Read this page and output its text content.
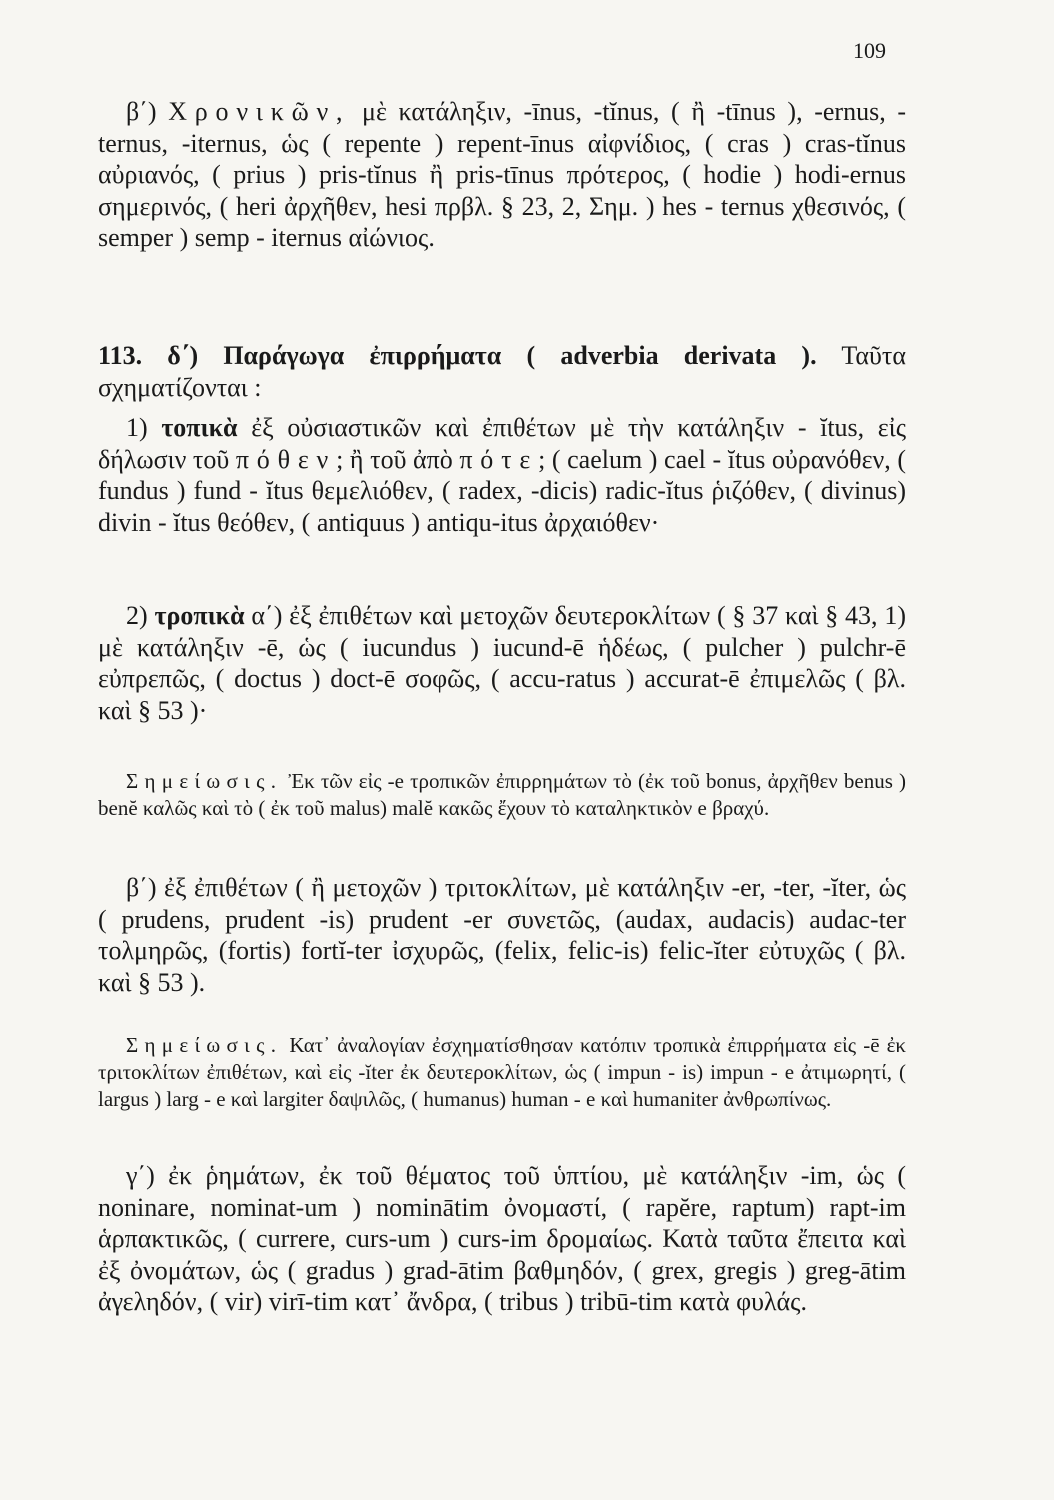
109

β΄) Χρονικῶν, μὲ κατάληξιν, -īnus, -tĭnus, ( ἢ -tīnus ), -ernus, -ternus, -iternus, ὡς ( repente ) repent-īnus αἰφνίδιος, ( cras ) cras-tĭnus αὐριανός, ( prius ) pris-tĭnus ἢ pris-tīnus πρότερος, ( hodie ) hodi-ernus σημερινός, ( heri ἀρχῆθεν, hesi πρβλ. § 23, 2, Σημ. ) hes - ternus χθεσινός, ( semper ) semp - iternus αἰώνιος.

113. δ΄) Παράγωγα ἐπιρρήματα ( adverbia derivata ). Ταῦτα σχηματίζονται :

1) τοπικὰ ἐξ οὐσιαστικῶν καὶ ἐπιθέτων μὲ τὴν κατάληξιν - ĭtus, εἰς δήλωσιν τοῦ πόθεν; ἢ τοῦ ἀπὸ πότε; ( caelum ) cael - ĭtus οὐρανόθεν, ( fundus ) fund - ĭtus θεμελιόθεν, ( radex, -dicis) radic-ĭtus ῥιζόθεν, ( divinus) divin - ĭtus θεόθεν, ( antiquus ) antiqu-itus ἀρχαιόθεν·

2) τροπικὰ α΄) ἐξ ἐπιθέτων καὶ μετοχῶν δευτεροκλίτων ( § 37 καὶ § 43, 1) μὲ κατάληξιν -ē, ὡς ( iucundus ) iucund-ē ἡδέως, ( pulcher ) pulchr-ē εὐπρεπῶς, ( doctus ) doct-ē σοφῶς, ( accu-ratus ) accurat-ē ἐπιμελῶς ( βλ. καὶ § 53 )·

Σημείωσις. Ἐκ τῶν εἰς -e τροπικῶν ἐπιρρημάτων τὸ (ἐκ τοῦ bonus, ἀρχῆθεν benus ) benĕ καλῶς καὶ τὸ ( ἐκ τοῦ malus) malĕ κακῶς ἔχουν τὸ καταληκτικὸν e βραχύ.

β΄) ἐξ ἐπιθέτων ( ἢ μετοχῶν ) τριτοκλίτων, μὲ κατάληξιν -er, -ter, -ĭter, ὡς ( prudens, prudent -is) prudent -er συνετῶς, (audax, audacis) audac-ter τολμηρῶς, (fortis) fortĭ-ter ἰσχυρῶς, (felix, felic-is) felic-ĭter εὐτυχῶς ( βλ. καὶ § 53 ).

Σημείωσις. Κατ᾽ ἀναλογίαν ἐσχηματίσθησαν κατόπιν τροπικὰ ἐπιρρήματα εἰς -ē ἐκ τριτοκλίτων ἐπιθέτων, καὶ εἰς -ĭter ἐκ δευτεροκλίτων, ὡς ( impun - is) impun - e ἀτιμωρητί, ( largus ) larg - e καὶ largiter δαψιλῶς, ( humanus) human - e καὶ humaniter ἀνθρωπίνως.

γ΄) ἐκ ῥημάτων, ἐκ τοῦ θέματος τοῦ ὑπτίου, μὲ κατάληξιν -im, ὡς ( noninare, nominat-um ) nominātim ὀνομαστί, ( rapĕre, raptum) rapt-im ἁρπακτικῶς, ( currere, curs-um ) curs-im δρομαίως. Κατὰ ταῦτα ἔπειτα καὶ ἐξ ὀνομάτων, ὡς ( gradus ) grad-ātim βαθμηδόν, ( grex, gregis ) greg-ātim ἀγεληδόν, ( vir) virī-tim κατ᾽ ἄνδρα, ( tribus ) tribū-tim κατὰ φυλάς.
